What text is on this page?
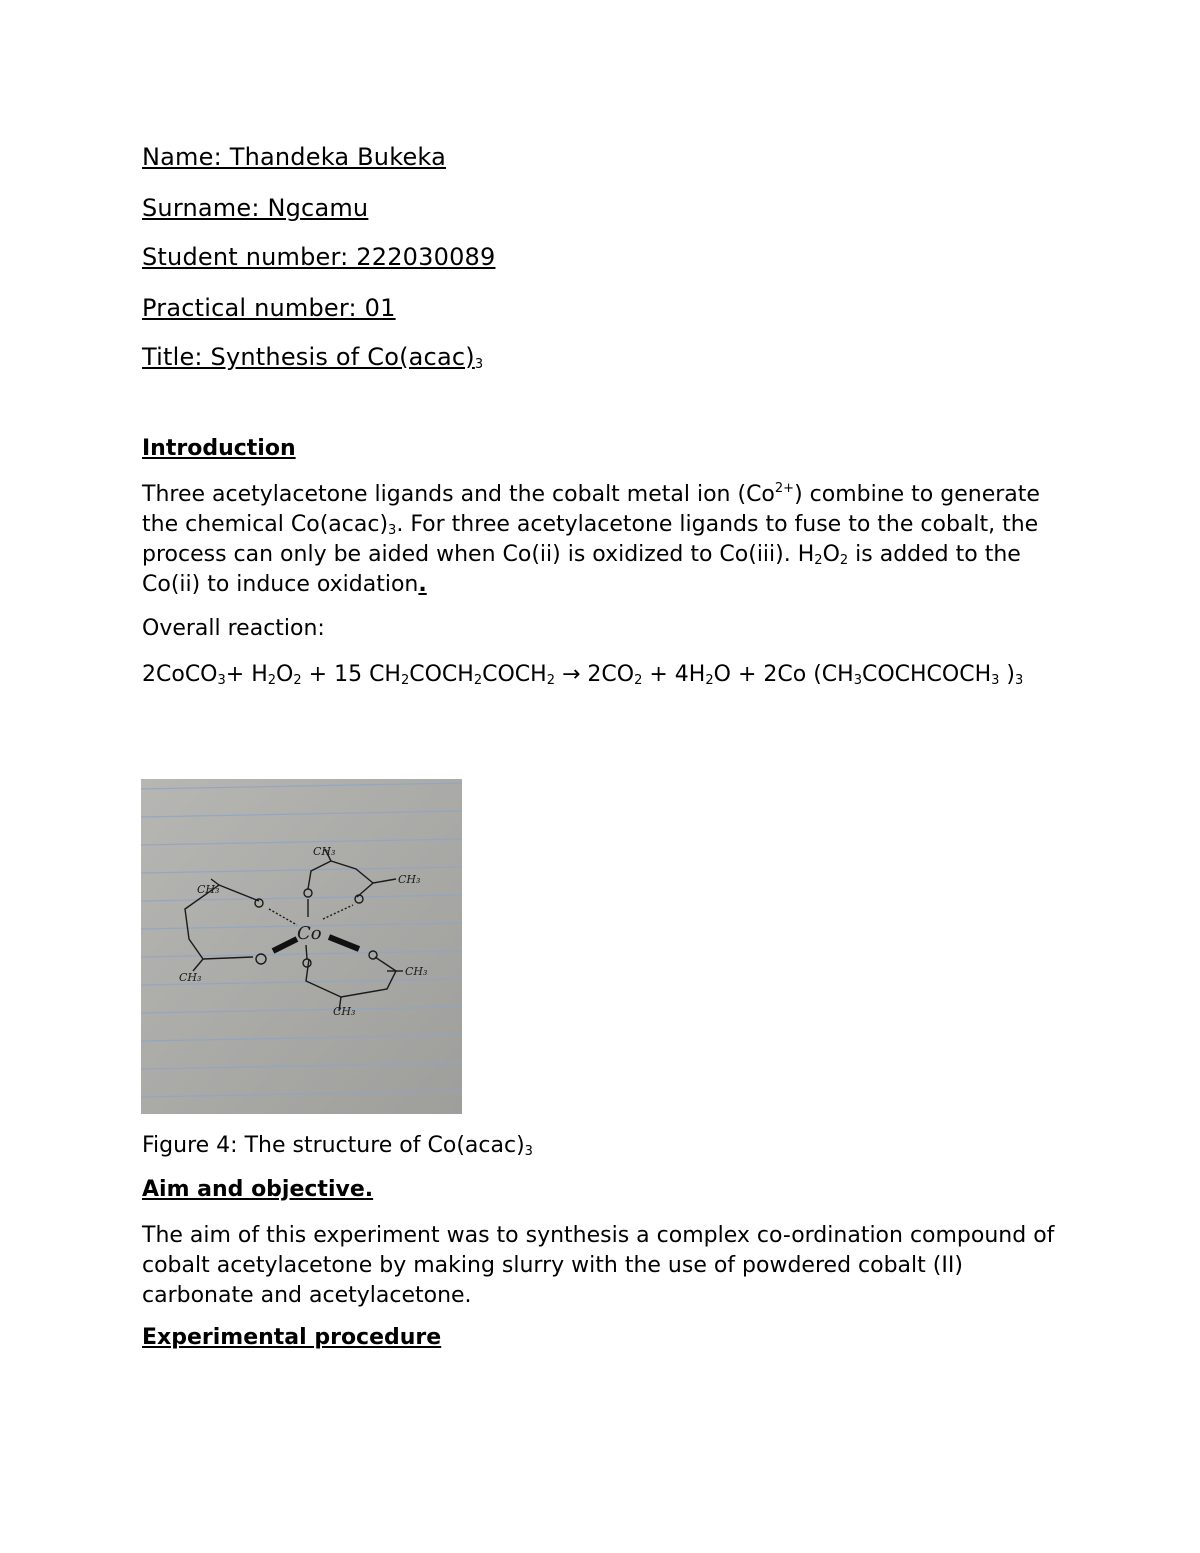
Name: Thandeka Bukeka
Surname: Ngcamu
Student number: 222030089
Practical number: 01
Title: Synthesis of $Co(acac)_3$
Introduction
Three acetylacetone ligands and the cobalt metal ion $(Co^{2+})$ combine to generate the chemical $Co(acac)_3$. For three acetylacetone ligands to fuse to the cobalt, the process can only be aided when Co(ii) is oxidized to Co(iii). $H_2O_2$ is added to the Co(ii) to induce oxidation.
Overall reaction:
2CoCO$_3$+ $H_2O_2 + 15$ $CH_2COCH_2COCH_2 \to 2CO_2 + 4H_2O + 2Co$ ($CH_3COCHCOCH_3$ )$_3$
CH₃
CH₃
CH₃
CH₃	CH₃
CH₃
Co
Figure 4: The structure of $Co(acac)_3$
Aim and objective.
The aim of this experiment was to synthesis a complex co-ordination compound of cobalt acetylacetone by making slurry with the use of powdered cobalt (II) carbonate and acetylacetone.
Experimental procedure
